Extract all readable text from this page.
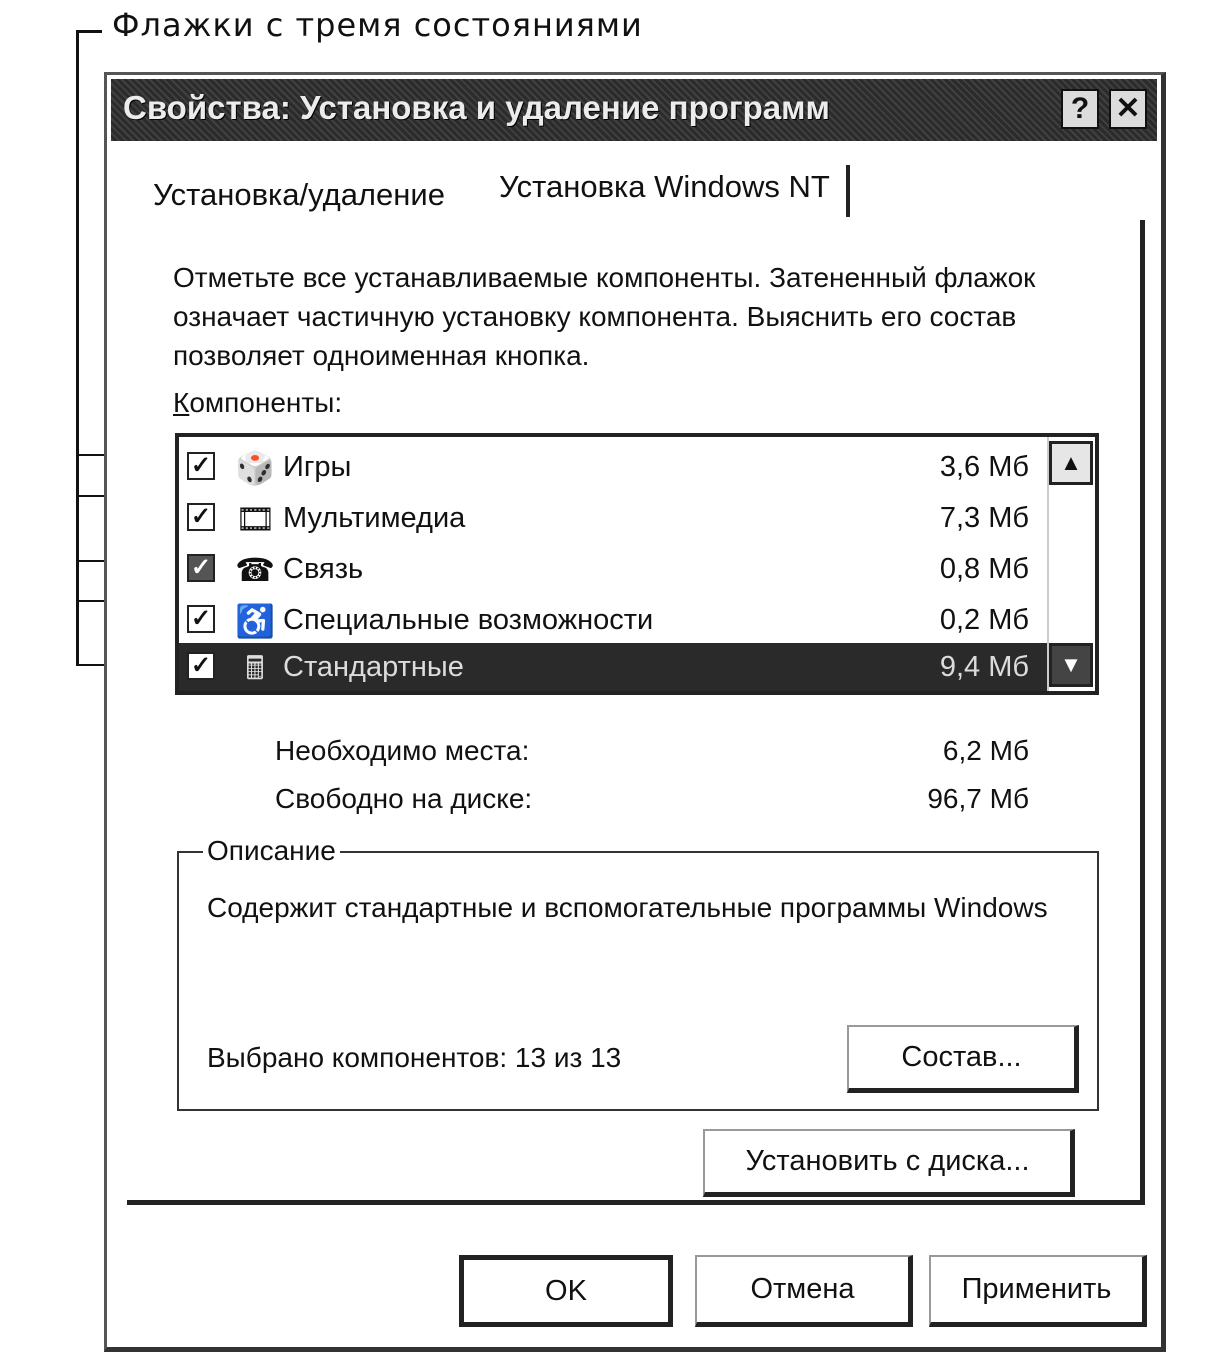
Флажки с тремя состояниями
Свойства: Установка и удаление программ	? ✕
Установка/удаление Установка Windows NT
Отметьте все устанавливаемые компоненты. Затененный флажок означает частичную установку компонента. Выяснить его состав позволяет одноименная кнопка.
Компоненты:
✓ 🎲 Игры	3,6 Мб
✓ 🎞 Мультимедиа	7,3 Мб
✓ ☎ Связь	0,8 Мб
✓ ♿ Специальные возможности	0,2 Мб
✓	🖩 Стандартные	9,4 Мб
▲
▼
Необходимо места:	6,2 Мб
Свободно на диске:	96,7 Мб
Описание
Содержит стандартные и вспомогательные программы Windows
Выбрано компонентов: 13 из 13	Состав...
Установить с диска...
OK	Отмена	Применить
